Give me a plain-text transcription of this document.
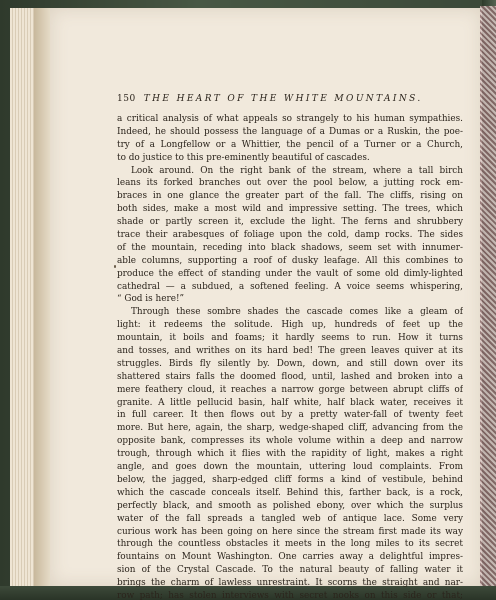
150 THE HEART OF THE WHITE MOUNTAINS.
a critical analysis of what appeals so strangely to his human sympathies.
Indeed, he should possess the language of a Dumas or a Ruskin, the poe-
try of a Longfellow or a Whittier, the pencil of a Turner or a Church,
to do justice to this pre-eminently beautiful of cascades.
Look around. On the right bank of the stream, where a tall birch
leans its forked branches out over the pool below, a jutting rock em-
braces in one glance the greater part of the fall. The cliffs, rising on
both sides, make a most wild and impressive setting. The trees, which
shade or partly screen it, exclude the light. The ferns and shrubbery
trace their arabesques of foliage upon the cold, damp rocks. The sides
of the mountain, receding into black shadows, seem set with innumer-
able columns, supporting a roof of dusky leafage. All this combines to
produce the effect of standing under the vault of some old dimly-lighted
cathedral — a subdued, a softened feeling. A voice seems whispering,
“ God is here!”
Through these sombre shades the cascade comes like a gleam of
light: it redeems the solitude. High up, hundreds of feet up the
mountain, it boils and foams; it hardly seems to run. How it turns
and tosses, and writhes on its hard bed! The green leaves quiver at its
struggles. Birds fly silently by. Down, down, and still down over its
shattered stairs falls the doomed flood, until, lashed and broken into a
mere feathery cloud, it reaches a narrow gorge between abrupt cliffs of
granite. A little pellucid basin, half white, half black water, receives it
in full career. It then flows out by a pretty water-fall of twenty feet
more. But here, again, the sharp, wedge-shaped cliff, advancing from the
opposite bank, compresses its whole volume within a deep and narrow
trough, through which it flies with the rapidity of light, makes a right
angle, and goes down the mountain, uttering loud complaints. From
below, the jagged, sharp-edged cliff forms a kind of vestibule, behind
which the cascade conceals itself. Behind this, farther back, is a rock,
perfectly black, and smooth as polished ebony, over which the surplus
water of the fall spreads a tangled web of antique lace. Some very
curious work has been going on here since the stream first made its way
through the countless obstacles it meets in the long miles to its secret
fountains on Mount Washington. One carries away a delightful impres-
sion of the Crystal Cascade. To the natural beauty of falling water it
brings the charm of lawless unrestraint. It scorns the straight and nar-
row path; has stolen interviews with secret nooks on this side or that;
